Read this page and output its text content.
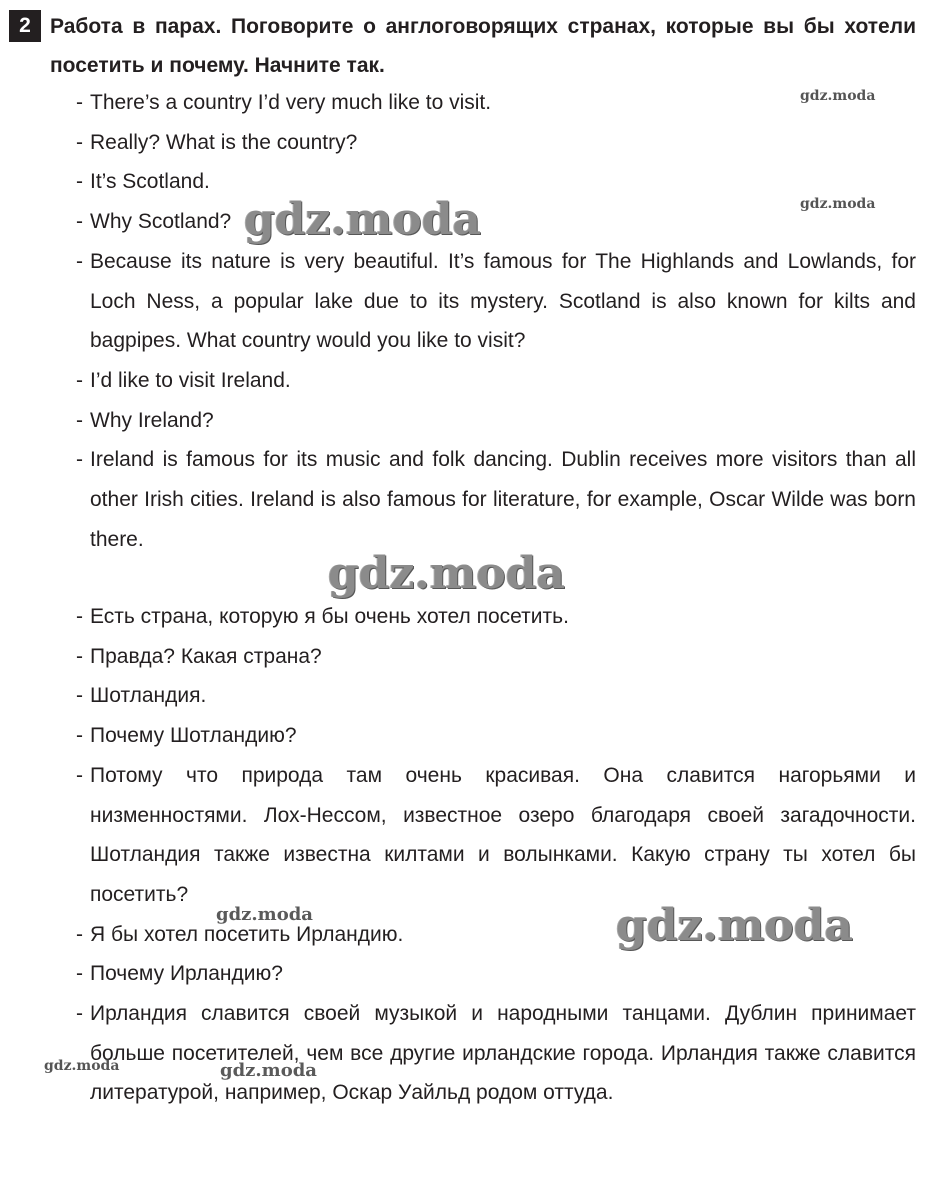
2 Работа в парах. Поговорите о англоговорящих странах, которые вы бы хотели посетить и почему. Начните так.

- There’s a country I’d very much like to visit.
- Really? What is the country?
- It’s Scotland.
- Why Scotland?
- Because its nature is very beautiful. It’s famous for The Highlands and Lowlands, for Loch Ness, a popular lake due to its mystery. Scotland is also known for kilts and bagpipes. What country would you like to visit?
- I’d like to visit Ireland.
- Why Ireland?
- Ireland is famous for its music and folk dancing. Dublin receives more visitors than all other Irish cities. Ireland is also famous for literature, for example, Oscar Wilde was born there.
- Есть страна, которую я бы очень хотел посетить.
- Правда? Какая страна?
- Шотландия.
- Почему Шотландию?
- Потому что природа там очень красивая. Она славится нагорьями и низменностями. Лох-Нессом, известное озеро благодаря своей загадочности. Шотландия также известна килтами и волынками. Какую страну ты хотел бы посетить?
- Я бы хотел посетить Ирландию.
- Почему Ирландию?
- Ирландия славится своей музыкой и народными танцами. Дублин принимает больше посетителей, чем все другие ирландские города. Ирландия также славится литературой, например, Оскар Уайльд родом оттуда.
gdz.moda
gdz.moda
gdz.moda
gdz.moda
gdz.moda	gdz.moda
gdz.moda	gdz.moda
